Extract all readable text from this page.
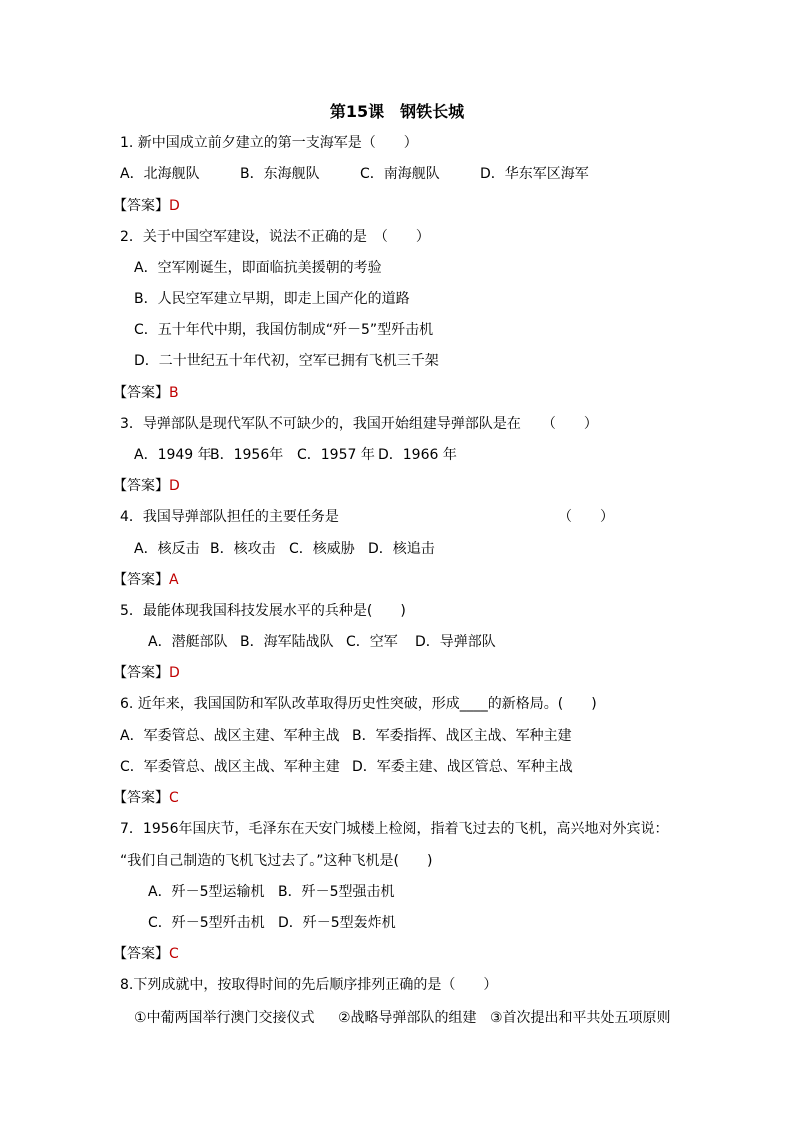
第15课　钢铁长城
1. 新中国成立前夕建立的第一支海军是（　　）
A．北海舰队	B．东海舰队	C．南海舰队	D．华东军区海军
【答案】D
2．关于中国空军建设，说法不正确的是　（　　）
A．空军刚诞生，即面临抗美援朝的考验
B．人民空军建立早期，即走上国产化的道路
C．五十年代中期，我国仿制成“歼－5”型歼击机
D．二十世纪五十年代初，空军已拥有飞机三千架
【答案】B
3．导弹部队是现代军队不可缺少的，我国开始组建导弹部队是在　　（　　）
A．1949 年
B．1956年 C．1957 年 D．1966 年
【答案】D
4．我国导弹部队担任的主要任务是	（　　）
A．核反击 B．核攻击 C．核威胁 D．核追击
【答案】A
5．最能体现我国科技发展水平的兵种是(　　)
A．潜艇部队 B．海军陆战队 C．空军 D．导弹部队
【答案】D
6. 近年来，我国国防和军队改革取得历史性突破，形成____的新格局。(　　)
A．军委管总、战区主建、军种主战 B．军委指挥、战区主战、军种主建
C．军委管总、战区主战、军种主建 D．军委主建、战区管总、军种主战
【答案】C
7．1956年国庆节，毛泽东在天安门城楼上检阅，指着飞过去的飞机，高兴地对外宾说：
“我们自己制造的飞机飞过去了。”这种飞机是(　　)
A．歼－5型运输机 B．歼－5型强击机
C．歼－5型歼击机 D．歼－5型轰炸机
【答案】C
8.下列成就中，按取得时间的先后顺序排列正确的是（　　）
①中葡两国举行澳门交接仪式 ②战略导弹部队的组建 ③首次提出和平共处五项原则
